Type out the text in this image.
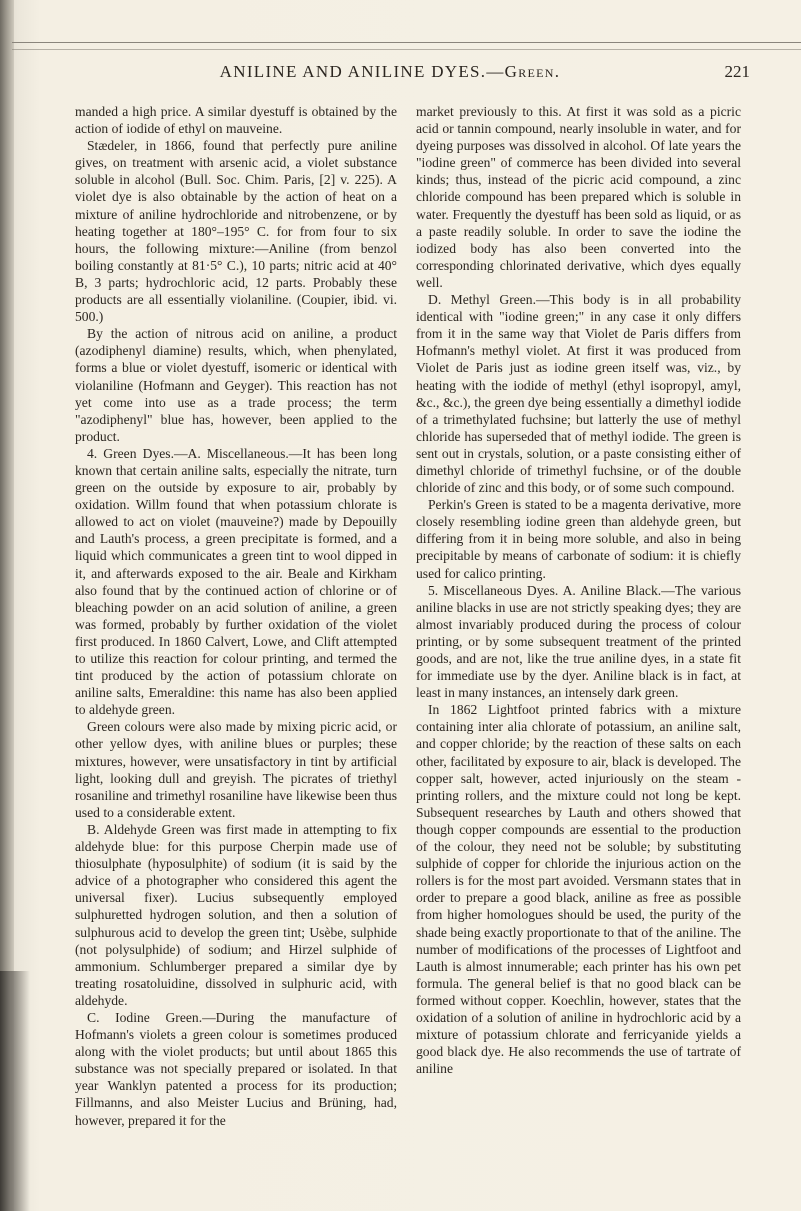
ANILINE AND ANILINE DYES.—Green.	221

manded a high price. A similar dyestuff is obtained by the action of iodide of ethyl on mauveine.

Stædeler, in 1866, found that perfectly pure aniline gives, on treatment with arsenic acid, a violet substance soluble in alcohol (Bull. Soc. Chim. Paris, [2] v. 225). A violet dye is also obtainable by the action of heat on a mixture of aniline hydrochloride and nitrobenzene, or by heating together at 180°–195° C. for from four to six hours, the following mixture:—Aniline (from benzol boiling constantly at 81·5° C.), 10 parts; nitric acid at 40° B, 3 parts; hydrochloric acid, 12 parts. Probably these products are all essentially violaniline. (Coupier, ibid. vi. 500.)

By the action of nitrous acid on aniline, a product (azodiphenyl diamine) results, which, when phenylated, forms a blue or violet dyestuff, isomeric or identical with violaniline (Hofmann and Geyger). This reaction has not yet come into use as a trade process; the term "azodiphenyl" blue has, however, been applied to the product.

4. Green Dyes.—A. Miscellaneous.—It has been long known that certain aniline salts, especially the nitrate, turn green on the outside by exposure to air, probably by oxidation. Willm found that when potassium chlorate is allowed to act on violet (mauveine?) made by Depouilly and Lauth's process, a green precipitate is formed, and a liquid which communicates a green tint to wool dipped in it, and afterwards exposed to the air. Beale and Kirkham also found that by the continued action of chlorine or of bleaching powder on an acid solution of aniline, a green was formed, probably by further oxidation of the violet first produced. In 1860 Calvert, Lowe, and Clift attempted to utilize this reaction for colour printing, and termed the tint produced by the action of potassium chlorate on aniline salts, Emeraldine: this name has also been applied to aldehyde green.

Green colours were also made by mixing picric acid, or other yellow dyes, with aniline blues or purples; these mixtures, however, were unsatisfactory in tint by artificial light, looking dull and greyish. The picrates of triethyl rosaniline and trimethyl rosaniline have likewise been thus used to a considerable extent.

B. Aldehyde Green was first made in attempting to fix aldehyde blue: for this purpose Cherpin made use of thiosulphate (hyposulphite) of sodium (it is said by the advice of a photographer who considered this agent the universal fixer). Lucius subsequently employed sulphuretted hydrogen solution, and then a solution of sulphurous acid to develop the green tint; Usèbe, sulphide (not polysulphide) of sodium; and Hirzel sulphide of ammonium. Schlumberger prepared a similar dye by treating rosatoluidine, dissolved in sulphuric acid, with aldehyde.

C. Iodine Green.—During the manufacture of Hofmann's violets a green colour is sometimes produced along with the violet products; but until about 1865 this substance was not specially prepared or isolated. In that year Wanklyn patented a process for its production; Fillmanns, and also Meister Lucius and Brüning, had, however, prepared it for the

market previously to this. At first it was sold as a picric acid or tannin compound, nearly insoluble in water, and for dyeing purposes was dissolved in alcohol. Of late years the "iodine green" of commerce has been divided into several kinds; thus, instead of the picric acid compound, a zinc chloride compound has been prepared which is soluble in water. Frequently the dyestuff has been sold as liquid, or as a paste readily soluble. In order to save the iodine the iodized body has also been converted into the corresponding chlorinated derivative, which dyes equally well.

D. Methyl Green.—This body is in all probability identical with "iodine green;" in any case it only differs from it in the same way that Violet de Paris differs from Hofmann's methyl violet. At first it was produced from Violet de Paris just as iodine green itself was, viz., by heating with the iodide of methyl (ethyl isopropyl, amyl, &c., &c.), the green dye being essentially a dimethyl iodide of a trimethylated fuchsine; but latterly the use of methyl chloride has superseded that of methyl iodide. The green is sent out in crystals, solution, or a paste consisting either of dimethyl chloride of trimethyl fuchsine, or of the double chloride of zinc and this body, or of some such compound.

Perkin's Green is stated to be a magenta derivative, more closely resembling iodine green than aldehyde green, but differing from it in being more soluble, and also in being precipitable by means of carbonate of sodium: it is chiefly used for calico printing.

5. Miscellaneous Dyes. A. Aniline Black.—The various aniline blacks in use are not strictly speaking dyes; they are almost invariably produced during the process of colour printing, or by some subsequent treatment of the printed goods, and are not, like the true aniline dyes, in a state fit for immediate use by the dyer. Aniline black is in fact, at least in many instances, an intensely dark green.

In 1862 Lightfoot printed fabrics with a mixture containing inter alia chlorate of potassium, an aniline salt, and copper chloride; by the reaction of these salts on each other, facilitated by exposure to air, black is developed. The copper salt, however, acted injuriously on the steam - printing rollers, and the mixture could not long be kept. Subsequent researches by Lauth and others showed that though copper compounds are essential to the production of the colour, they need not be soluble; by substituting sulphide of copper for chloride the injurious action on the rollers is for the most part avoided. Versmann states that in order to prepare a good black, aniline as free as possible from higher homologues should be used, the purity of the shade being exactly proportionate to that of the aniline. The number of modifications of the processes of Lightfoot and Lauth is almost innumerable; each printer has his own pet formula. The general belief is that no good black can be formed without copper. Koechlin, however, states that the oxidation of a solution of aniline in hydrochloric acid by a mixture of potassium chlorate and ferricyanide yields a good black dye. He also recommends the use of tartrate of aniline
